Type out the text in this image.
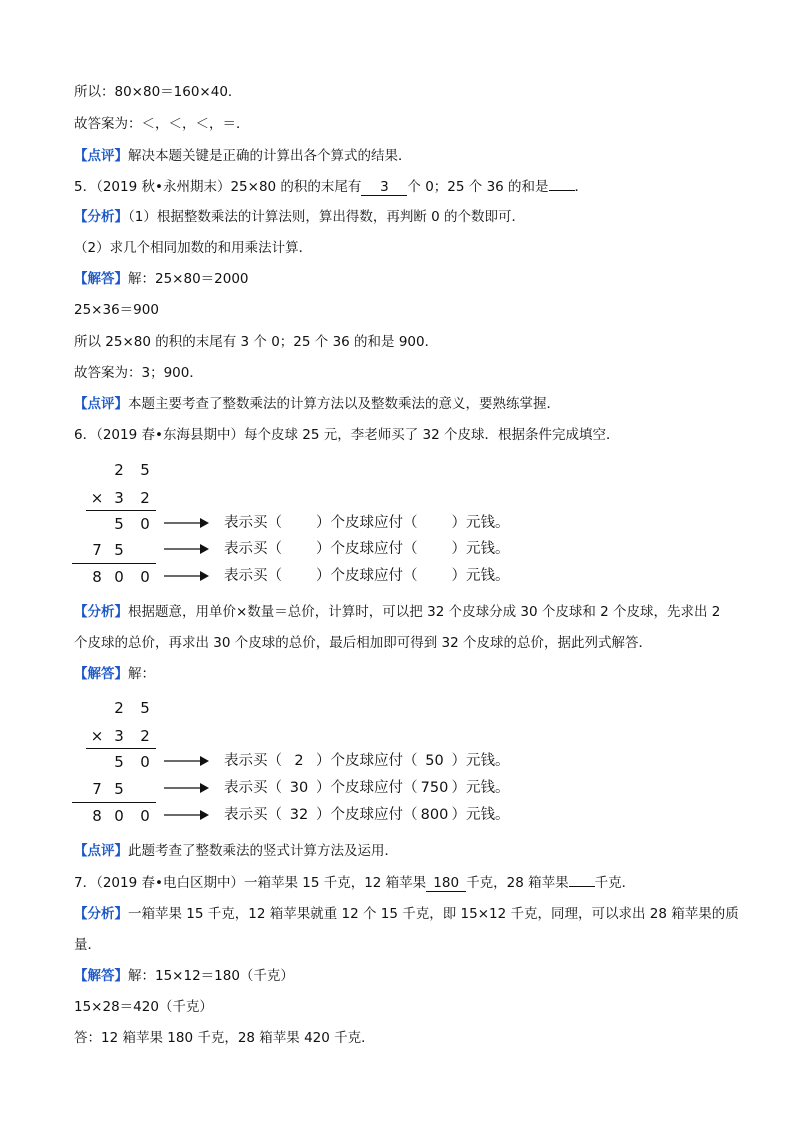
所以：80×80＝160×40．
故答案为：＜，＜，＜，＝．
【点评】解决本题关键是正确的计算出各个算式的结果．
5．（2019 秋•永州期末）25×80 的积的末尾有 3 个 0；25 个 36 的和是 ．
【分析】（1）根据整数乘法的计算法则，算出得数，再判断 0 的个数即可．
（2）求几个相同加数的和用乘法计算．
【解答】解：25×80＝2000
25×36＝900
所以 25×80 的积的末尾有 3 个 0；25 个 36 的和是 900．
故答案为：3；900．
【点评】本题主要考查了整数乘法的计算方法以及整数乘法的意义，要熟练掌握．
6．（2019 春•东海县期中）每个皮球 25 元，李老师买了 32 个皮球．根据条件完成填空．
2 5
× 3 2
5 0
7 5
8 0 0
表示买（ ）个皮球应付（ ）元钱。
表示买（ ）个皮球应付（ ）元钱。
表示买（ ）个皮球应付（ ）元钱。
【分析】根据题意，用单价×数量＝总价，计算时，可以把 32 个皮球分成 30 个皮球和 2 个皮球，先求出 2
个皮球的总价，再求出 30 个皮球的总价，最后相加即可得到 32 个皮球的总价，据此列式解答．
【解答】解：
2 5
× 3 2
5 0
7 5
8 0 0
表示买（ 2 ）个皮球应付（ 50 ）元钱。
表示买（ 30 ）个皮球应付（ 750 ）元钱。
表示买（ 32 ）个皮球应付（ 800 ）元钱。
【点评】此题考查了整数乘法的竖式计算方法及运用．
7．（2019 春•电白区期中）一箱苹果 15 千克，12 箱苹果 180 千克，28 箱苹果 千克．
【分析】一箱苹果 15 千克，12 箱苹果就重 12 个 15 千克，即 15×12 千克，同理，可以求出 28 箱苹果的质
量．
【解答】解：15×12＝180（千克）
15×28＝420（千克）
答：12 箱苹果 180 千克，28 箱苹果 420 千克．
